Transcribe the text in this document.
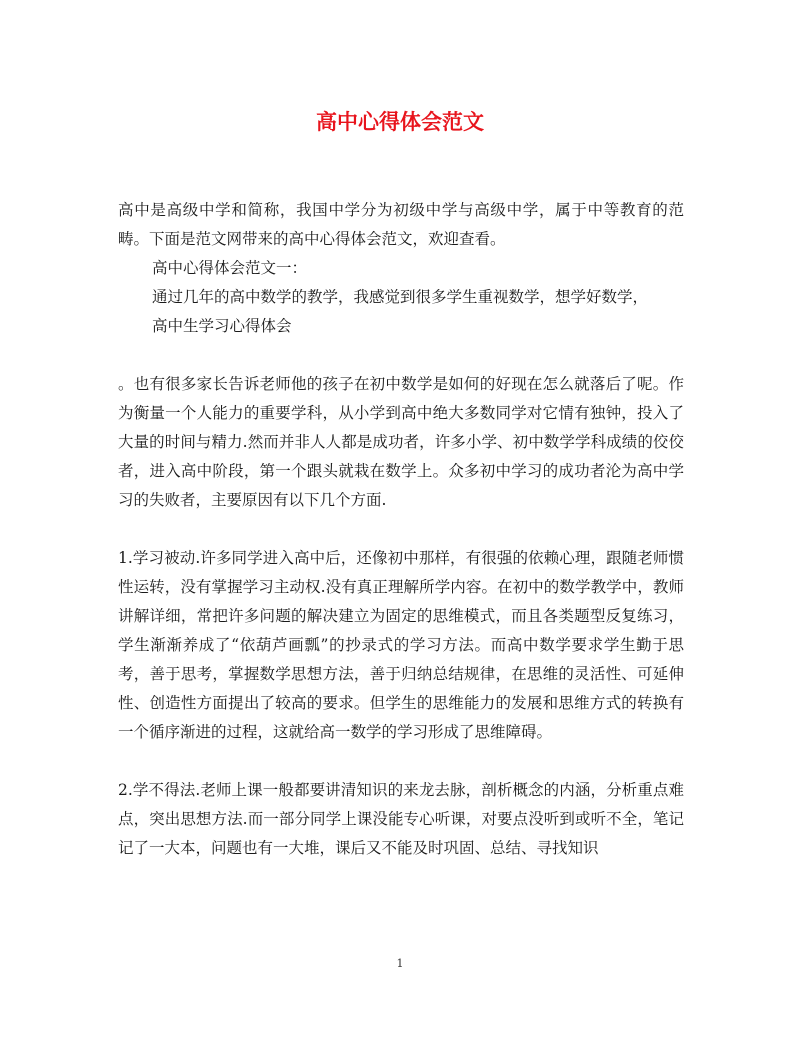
高中心得体会范文

高中是高级中学和简称，我国中学分为初级中学与高级中学，属于中等教育的范畴。下面是范文网带来的高中心得体会范文，欢迎查看。

高中心得体会范文一：

通过几年的高中数学的教学，我感觉到很多学生重视数学，想学好数学，

高中生学习心得体会

。也有很多家长告诉老师他的孩子在初中数学是如何的好现在怎么就落后了呢。作为衡量一个人能力的重要学科，从小学到高中绝大多数同学对它情有独钟，投入了大量的时间与精力.然而并非人人都是成功者，许多小学、初中数学学科成绩的佼佼者，进入高中阶段，第一个跟头就栽在数学上。众多初中学习的成功者沦为高中学习的失败者，主要原因有以下几个方面.

1.学习被动.许多同学进入高中后，还像初中那样，有很强的依赖心理，跟随老师惯性运转，没有掌握学习主动权.没有真正理解所学内容。在初中的数学教学中，教师讲解详细，常把许多问题的解决建立为固定的思维模式，而且各类题型反复练习，学生渐渐养成了“依葫芦画瓢”的抄录式的学习方法。而高中数学要求学生勤于思考，善于思考，掌握数学思想方法，善于归纳总结规律，在思维的灵活性、可延伸性、创造性方面提出了较高的要求。但学生的思维能力的发展和思维方式的转换有一个循序渐进的过程，这就给高一数学的学习形成了思维障碍。

2.学不得法.老师上课一般都要讲清知识的来龙去脉，剖析概念的内涵，分析重点难点，突出思想方法.而一部分同学上课没能专心听课，对要点没听到或听不全，笔记记了一大本，问题也有一大堆，课后又不能及时巩固、总结、寻找知识

1
